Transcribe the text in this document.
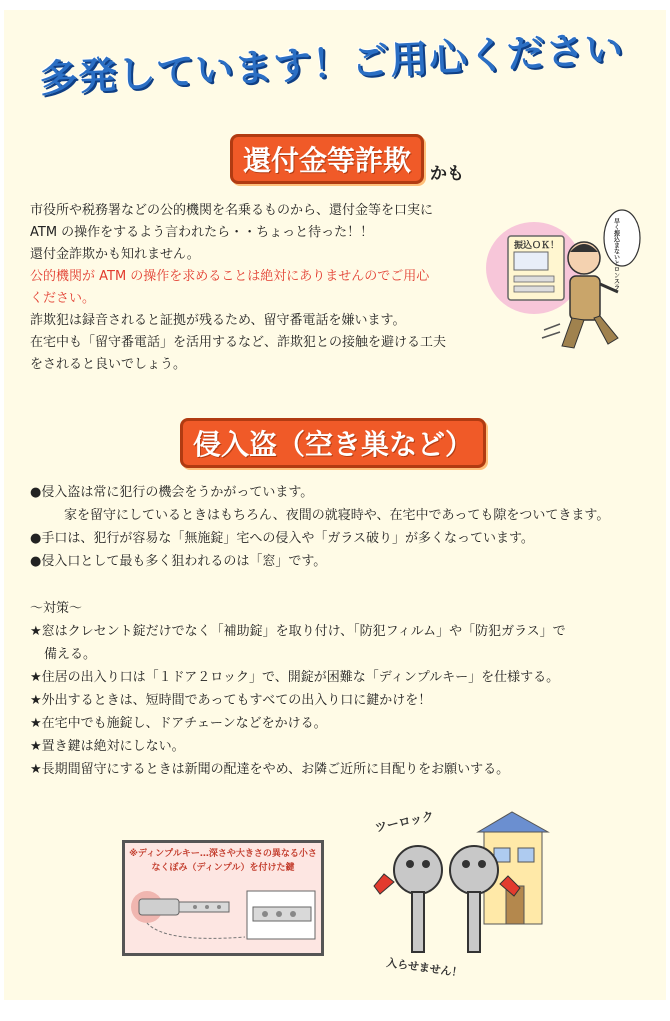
多発しています！ご用心ください
還付金等詐欺 かも
市役所や税務署などの公的機関を名乗るものから、還付金等を口実に
ATM の操作をするよう言われたら・・ちょっと待った！！
還付金詐欺かも知れません。
公的機関が ATM の操作を求めることは絶対にありませんのでご用心
ください。
詐欺犯は録音されると証拠が残るため、留守番電話を嫌います。
在宅中も「留守番電話」を活用するなど、詐欺犯との接触を避ける工夫
をされると良いでしょう。
振込ＯＫ！	早く振込まないとロンスラ
侵入盗（空き巣など）
●侵入盗は常に犯行の機会をうかがっています。
家を留守にしているときはもちろん、夜間の就寝時や、在宅中であっても隙をついてきます。
●手口は、犯行が容易な「無施錠」宅への侵入や「ガラス破り」が多くなっています。
●侵入口として最も多く狙われるのは「窓」です。
～対策～
★窓はクレセント錠だけでなく「補助錠」を取り付け、「防犯フィルム」や「防犯ガラス」で
備える。
★住居の出入り口は「１ドア２ロック」で、開錠が困難な「ディンプルキー」を仕様する。
★外出するときは、短時間であってもすべての出入り口に鍵かけを！
★在宅中でも施錠し、ドアチェーンなどをかける。
★置き鍵は絶対にしない。
★長期間留守にするときは新聞の配達をやめ、お隣ご近所に目配りをお願いする。
※ディンプルキー…深さや大きさの異なる小さなくぼみ（ディンプル）を付けた鍵
ツーロック
入らせません！
